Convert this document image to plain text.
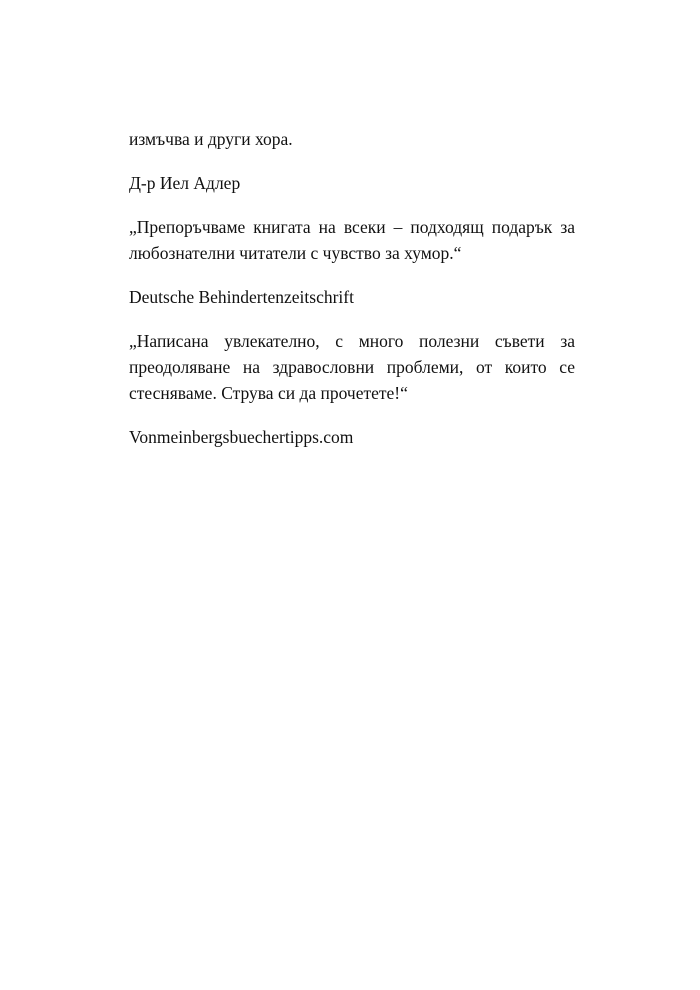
измъчва и други хора.

Д-р Иел Адлер

„Препоръчваме книгата на всеки – подходящ подарък за любознателни читатели с чувство за хумор.“

Deutsche Behindertenzeitschrift

„Написана увлекателно, с много полезни съвети за преодоляване на здравословни проблеми, от които се стесняваме. Струва си да прочетете!“

Vonmeinbergsbuechertipps.com
